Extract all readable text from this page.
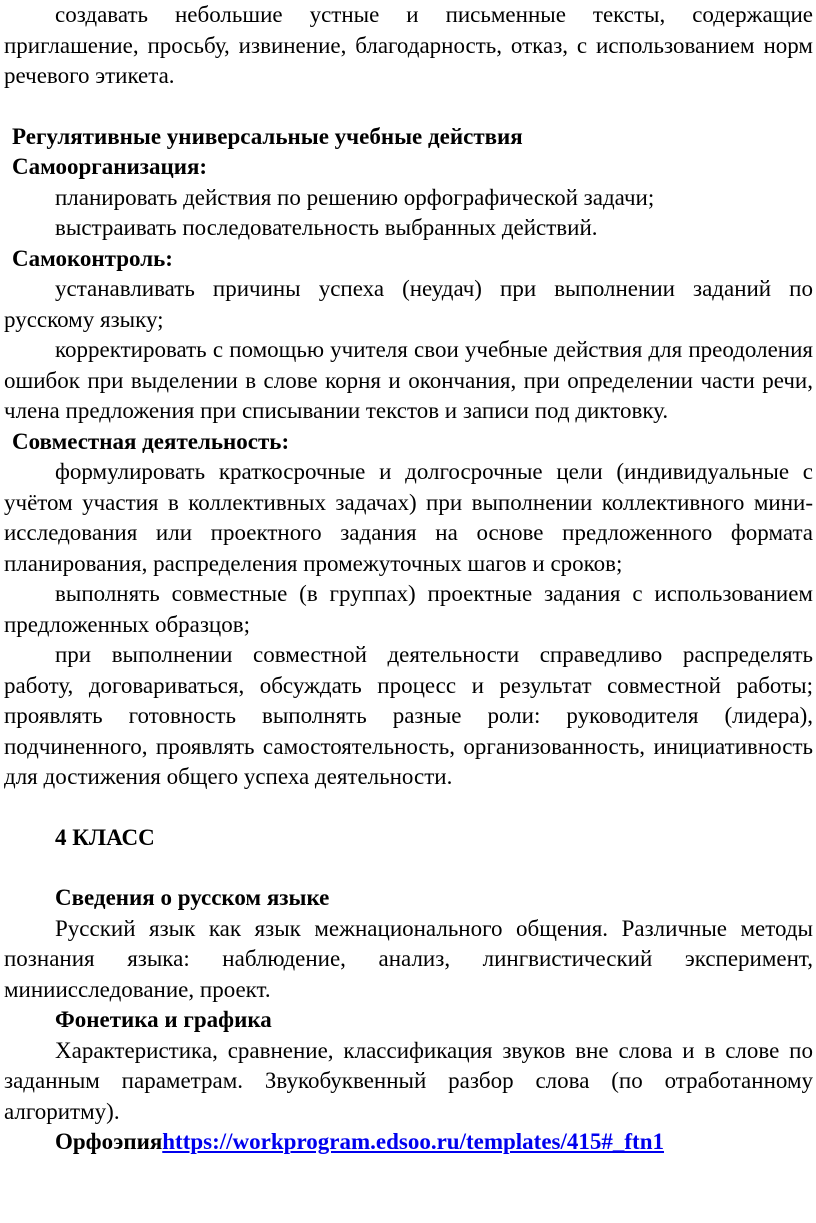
создавать небольшие устные и письменные тексты, содержащие приглашение, просьбу, извинение, благодарность, отказ, с использованием норм речевого этикета.

Регулятивные универсальные учебные действия

Самоорганизация:

планировать действия по решению орфографической задачи;

выстраивать последовательность выбранных действий.

Самоконтроль:

устанавливать причины успеха (неудач) при выполнении заданий по русскому языку;

корректировать с помощью учителя свои учебные действия для преодоления ошибок при выделении в слове корня и окончания, при определении части речи, члена предложения при списывании текстов и записи под диктовку.

Совместная деятельность:

формулировать краткосрочные и долгосрочные цели (индивидуальные с учётом участия в коллективных задачах) при выполнении коллективного мини-исследования или проектного задания на основе предложенного формата планирования, распределения промежуточных шагов и сроков;

выполнять совместные (в группах) проектные задания с использованием предложенных образцов;

при выполнении совместной деятельности справедливо распределять работу, договариваться, обсуждать процесс и результат совместной работы; проявлять готовность выполнять разные роли: руководителя (лидера), подчиненного, проявлять самостоятельность, организованность, инициативность для достижения общего успеха деятельности.

4 КЛАСС

Сведения о русском языке

Русский язык как язык межнационального общения. Различные методы познания языка: наблюдение, анализ, лингвистический эксперимент, миниисследование, проект.

Фонетика и графика

Характеристика, сравнение, классификация звуков вне слова и в слове по заданным параметрам. Звукобуквенный разбор слова (по отработанному алгоритму).

Орфоэпияhttps://workprogram.edsoo.ru/templates/415#_ftn1
